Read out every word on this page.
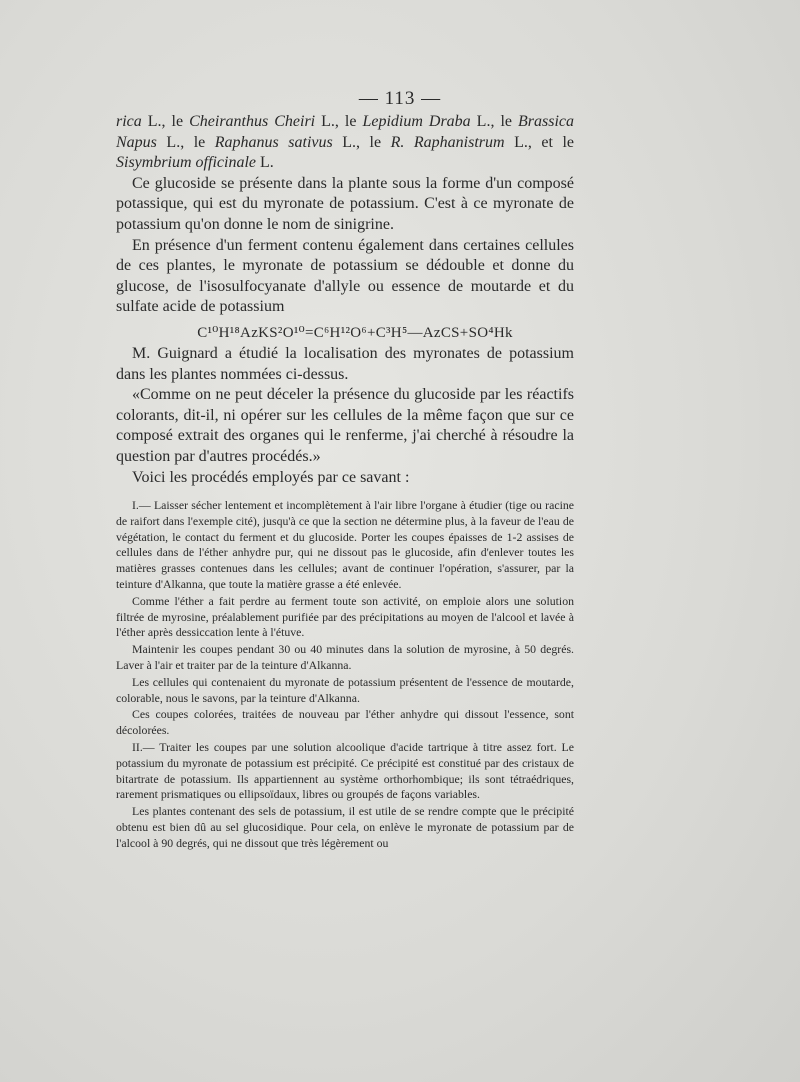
— 113 —

rica L., le Cheiranthus Cheiri L., le Lepidium Draba L., le Brassica Napus L., le Raphanus sativus L., le R. Raphanistrum L., et le Sisymbrium officinale L.

Ce glucoside se présente dans la plante sous la forme d'un composé potassique, qui est du myronate de potassium. C'est à ce myronate de potassium qu'on donne le nom de sinigrine.

En présence d'un ferment contenu également dans certaines cellules de ces plantes, le myronate de potassium se dédouble et donne du glucose, de l'isosulfocyanate d'allyle ou essence de moutarde et du sulfate acide de potassium

C¹⁰H¹⁸AzKS²O¹⁰=C⁶H¹²O⁶+C³H⁵—AzCS+SO⁴Hk

M. Guignard a étudié la localisation des myronates de potassium dans les plantes nommées ci-dessus.

«Comme on ne peut déceler la présence du glucoside par les réactifs colorants, dit-il, ni opérer sur les cellules de la même façon que sur ce composé extrait des organes qui le renferme, j'ai cherché à résoudre la question par d'autres procédés.»

Voici les procédés employés par ce savant :

I.— Laisser sécher lentement et incomplètement à l'air libre l'organe à étudier (tige ou racine de raifort dans l'exemple cité), jusqu'à ce que la section ne détermine plus, à la faveur de l'eau de végétation, le contact du ferment et du glucoside. Porter les coupes épaisses de 1-2 assises de cellules dans de l'éther anhydre pur, qui ne dissout pas le glucoside, afin d'enlever toutes les matières grasses contenues dans les cellules; avant de continuer l'opération, s'assurer, par la teinture d'Alkanna, que toute la matière grasse a été enlevée.

Comme l'éther a fait perdre au ferment toute son activité, on emploie alors une solution filtrée de myrosine, préalablement purifiée par des précipitations au moyen de l'alcool et lavée à l'éther après dessiccation lente à l'étuve.

Maintenir les coupes pendant 30 ou 40 minutes dans la solution de myrosine, à 50 degrés. Laver à l'air et traiter par de la teinture d'Alkanna.

Les cellules qui contenaient du myronate de potassium présentent de l'essence de moutarde, colorable, nous le savons, par la teinture d'Alkanna.

Ces coupes colorées, traitées de nouveau par l'éther anhydre qui dissout l'essence, sont décolorées.

II.— Traiter les coupes par une solution alcoolique d'acide tartrique à titre assez fort. Le potassium du myronate de potassium est précipité. Ce précipité est constitué par des cristaux de bitartrate de potassium. Ils appartiennent au système orthorhombique; ils sont tétraédriques, rarement prismatiques ou ellipsoïdaux, libres ou groupés de façons variables.

Les plantes contenant des sels de potassium, il est utile de se rendre compte que le précipité obtenu est bien dû au sel glucosidique. Pour cela, on enlève le myronate de potassium par de l'alcool à 90 degrés, qui ne dissout que très légèrement ou
